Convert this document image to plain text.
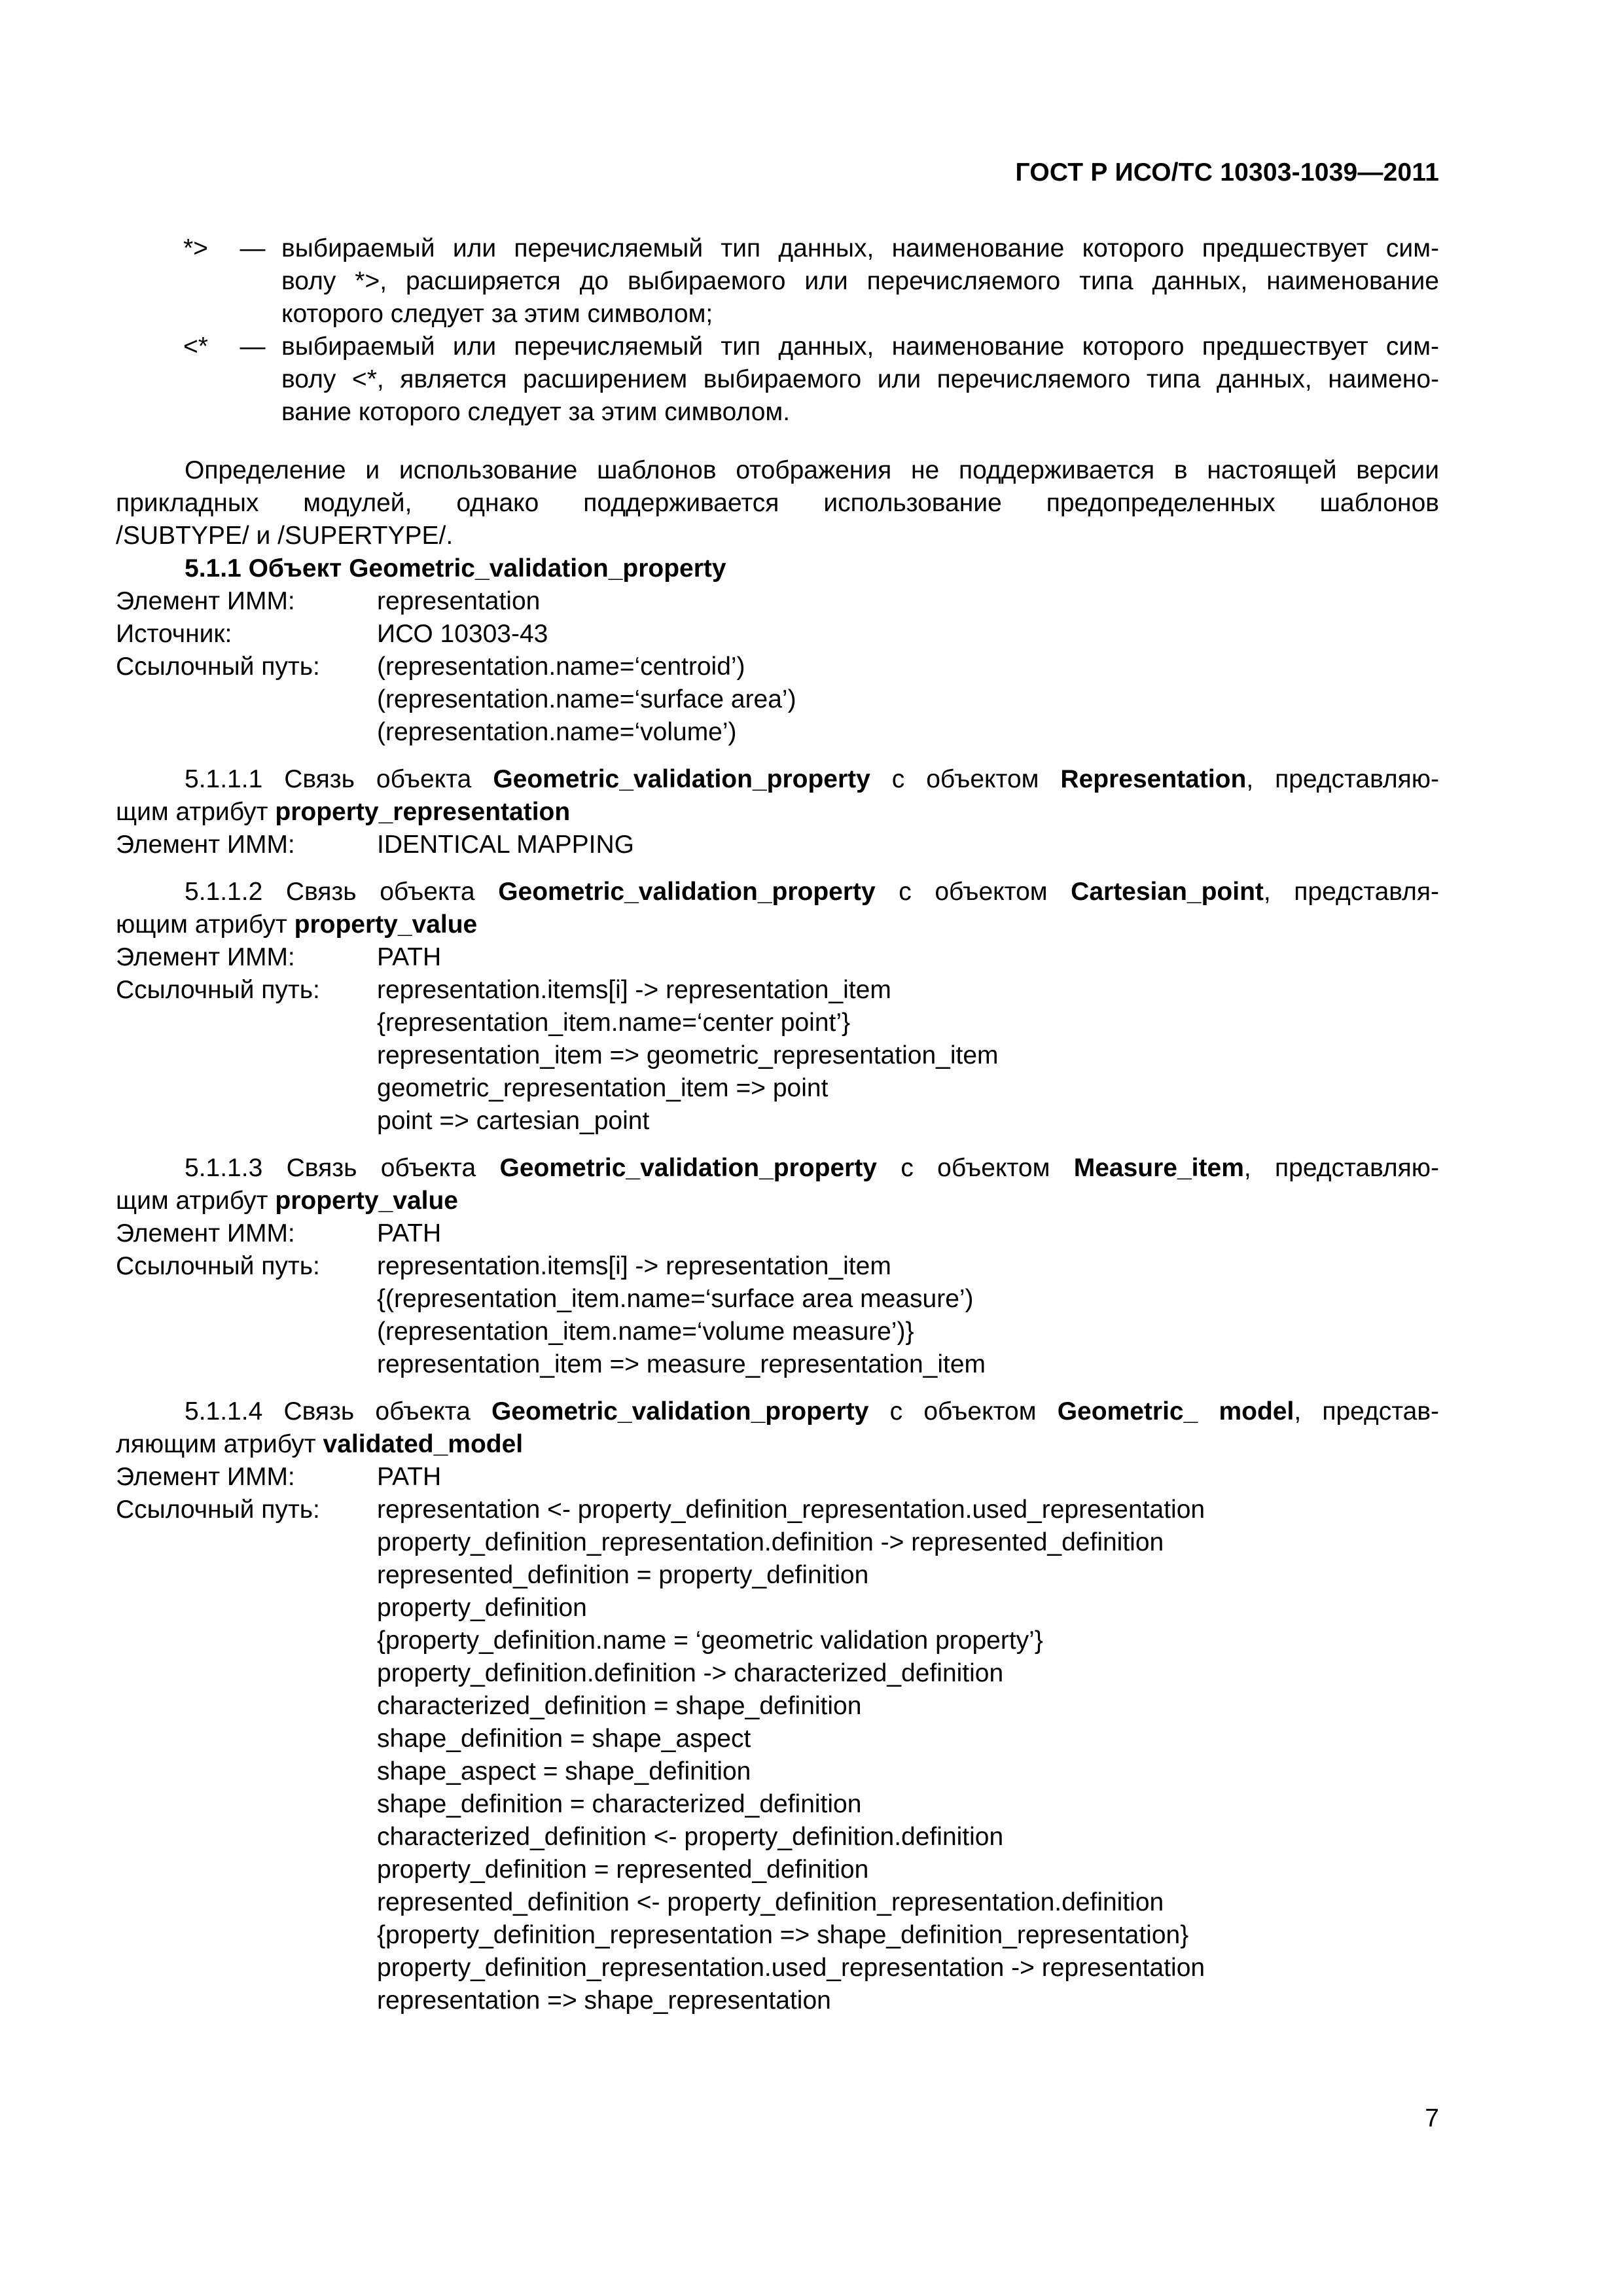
ГОСТ Р ИСО/ТС 10303-1039—2011
*>	— выбираемый или перечисляемый тип данных, наименование которого предшествует сим-
волу *>, расширяется до выбираемого или перечисляемого типа данных, наименование
которого следует за этим символом;
<*	— выбираемый или перечисляемый тип данных, наименование которого предшествует сим-
волу <*, является расширением выбираемого или перечисляемого типа данных, наимено-
вание которого следует за этим символом.
Определение и использование шаблонов отображения не поддерживается в настоящей версии
прикладных модулей, однако поддерживается использование предопределенных шаблонов
/SUBTYPE/ и /SUPERTYPE/.
5.1.1 Объект Geometric_validation_property
Элемент ИММ:	representation
Источник:	ИСО 10303-43
Ссылочный путь:	(representation.name=‘centroid’)
(representation.name=‘surface area’)
(representation.name=‘volume’)
5.1.1.1 Связь объекта Geometric_validation_property с объектом Representation, представляю-
щим атрибут property_representation
Элемент ИММ:	IDENTICAL MAPPING
5.1.1.2 Связь объекта Geometric_validation_property с объектом Cartesian_point, представля-
ющим атрибут property_value
Элемент ИММ:	PATH
Ссылочный путь:	representation.items[i] -> representation_item
{representation_item.name=‘center point’}
representation_item => geometric_representation_item
geometric_representation_item => point
point => cartesian_point
5.1.1.3 Связь объекта Geometric_validation_property с объектом Measure_item, представляю-
щим атрибут property_value
Элемент ИММ:	PATH
Ссылочный путь:	representation.items[i] -> representation_item
{(representation_item.name=‘surface area measure’)
(representation_item.name=‘volume measure’)}
representation_item => measure_representation_item
5.1.1.4 Связь объекта Geometric_validation_property с объектом Geometric_ model, представ-
ляющим атрибут validated_model
Элемент ИММ:	PATH
Ссылочный путь:	representation <- property_definition_representation.used_representation
property_definition_representation.definition -> represented_definition
represented_definition = property_definition
property_definition
{property_definition.name = ‘geometric validation property’}
property_definition.definition -> characterized_definition
characterized_definition = shape_definition
shape_definition = shape_aspect
shape_aspect = shape_definition
shape_definition = characterized_definition
characterized_definition <- property_definition.definition
property_definition = represented_definition
represented_definition <- property_definition_representation.definition
{property_definition_representation => shape_definition_representation}
property_definition_representation.used_representation -> representation
representation => shape_representation
7
